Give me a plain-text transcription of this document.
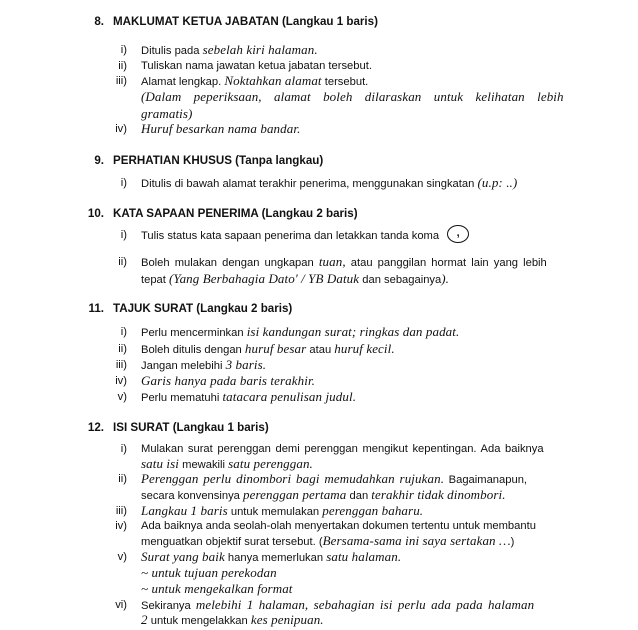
8. MAKLUMAT KETUA JABATAN (Langkau 1 baris)
i) Ditulis pada sebelah kiri halaman.
ii) Tuliskan nama jawatan ketua jabatan tersebut.
iii) Alamat lengkap. Noktahkan alamat tersebut.
(Dalam peperiksaan, alamat boleh dilaraskan untuk kelihatan lebih
gramatis)
iv) Huruf besarkan nama bandar.
9. PERHATIAN KHUSUS (Tanpa langkau)
i) Ditulis di bawah alamat terakhir penerima, menggunakan singkatan (u.p: ..)
10. KATA SAPAAN PENERIMA (Langkau 2 baris)
i) Tulis status kata sapaan penerima dan letakkan tanda koma ,
ii) Boleh mulakan dengan ungkapan tuan, atau panggilan hormat lain yang lebih
tepat (Yang Berbahagia Dato' / YB Datuk dan sebagainya).
11. TAJUK SURAT (Langkau 2 baris)
i) Perlu mencerminkan isi kandungan surat; ringkas dan padat.
ii) Boleh ditulis dengan huruf besar atau huruf kecil.
iii) Jangan melebihi 3 baris.
iv) Garis hanya pada baris terakhir.
v) Perlu mematuhi tatacara penulisan judul.
12. ISI SURAT (Langkau 1 baris)
i) Mulakan surat perenggan demi perenggan mengikut kepentingan. Ada baiknya
satu isi mewakili satu perenggan.
ii) Perenggan perlu dinombori bagi memudahkan rujukan. Bagaimanapun,
secara konvensinya perenggan pertama dan terakhir tidak dinombori.
iii) Langkau 1 baris untuk memulakan perenggan baharu.
iv) Ada baiknya anda seolah-olah menyertakan dokumen tertentu untuk membantu
menguatkan objektif surat tersebut. (Bersama-sama ini saya sertakan …)
v) Surat yang baik hanya memerlukan satu halaman.
~ untuk tujuan perekodan
~ untuk mengekalkan format
vi) Sekiranya melebihi 1 halaman, sebahagian isi perlu ada pada halaman
2 untuk mengelakkan kes penipuan.
